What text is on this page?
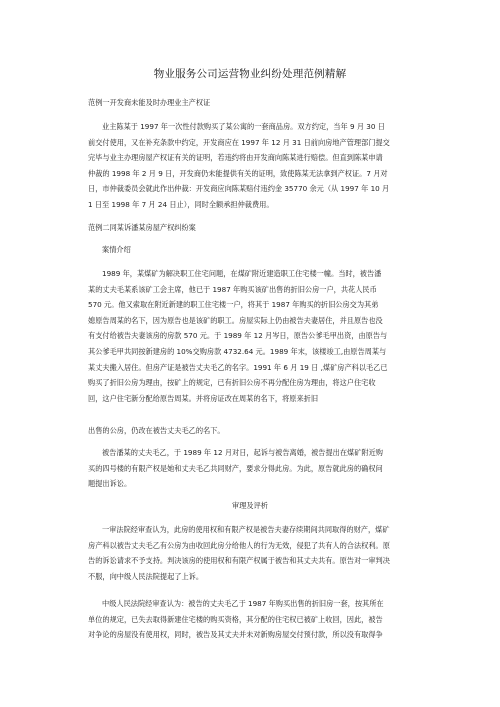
物业服务公司运营物业纠纷处理范例精解
范例一开发商未能及时办理业主产权证

业主陈某于 1997 年一次性付款购买了某公寓的一套商品房。双方约定，当年 9 月 30 日

前交付使用，又在补充条款中约定，开发商应在 1997 年 12 月 31 日前向房地产管理部门提交

完毕与业主办理房屋产权证有关的证明，若违约将由开发商向陈某进行赔偿。但直到陈某申请

仲裁的 1998 年 2 月 9 日，开发商仍未能提供有关的证明，致使陈某无法拿到产权证。7 月对

日，市仲裁委员会就此作出仲裁：开发商应向陈某赔付违约金 35770 余元（从 1997 年 10 月

1 日至 1998 年 7 月 24 日止），同时全额承担仲裁费用。

范例二同某诉潘某房屋产权纠纷案
案情介绍

1989 年，某煤矿为解决职工住宅问题，在煤矿附近建造职工住宅楼一幢。当时，被告潘

某的丈夫毛某系该矿工会主席，他已于 1987 年购买该矿出售的折旧公房一户，共花人民币

570 元。他又索取在附近新建的职工住宅楼一户，将其于 1987 年购买的折旧公房交为其弟

媳原告周某的名下，因为原告也是该矿的职工。房屋实际上仍由被告夫妻居住，并且原告也没

有支付给被告夫妻该房的房款 570 元。于 1989 年 12 月岑日，原告公爹毛甲出资，由原告与

其公爹毛甲共同按新建房的 10%交购房款 4732.64 元。1989 年末，该楼竣工,由原告周某与

某丈夫搬入居住。但房产证是被告丈夫毛乙的名字。1991 年 6 月 19 日 ,煤矿房产科以毛乙已

购买了折旧公房为理由，按矿上的规定，已有折旧公房不再分配住房为理由，将这户住宅收

回，这户住宅新分配给原告周某。并将房证改在周某的名下，将原来折旧

出售的公房，仍改在被告丈夫毛乙的名下。

被告潘某的丈夫毛乙，于 1989 年 12 月对日，起诉与被告离婚，被告提出在煤矿附近购

买的四号楼的有限产权是她和丈夫毛乙共同财产，要求分得此房。为此，原告就此房的确权问

题提出诉讼。

审理及评析

一审法院经审查认为，此房的使用权和有限产权是被告夫妻存续期间共同取得的财产，煤矿

房产科以被告丈夫毛乙有公房为由收回此房分给他人的行为无效，侵犯了共有人的合法权利。原

告的诉讼请求不予支持。判决该房的使用权和有限产权属于被告和其丈夫共有。原告对一审判决

不服，向中级人民法院提起了上诉。

中级人民法院经审查认为：被告的丈夫毛乙于 1987 年购买出售的折旧房一套，按其所在

单位的规定，已失去取得新建住宅楼的购买资格，其分配的住宅权已被矿上收回，因此，被告

对争论的房屋没有使用权，同时，被告及其丈夫并未对新购房屋交付预付款，所以没有取得争
